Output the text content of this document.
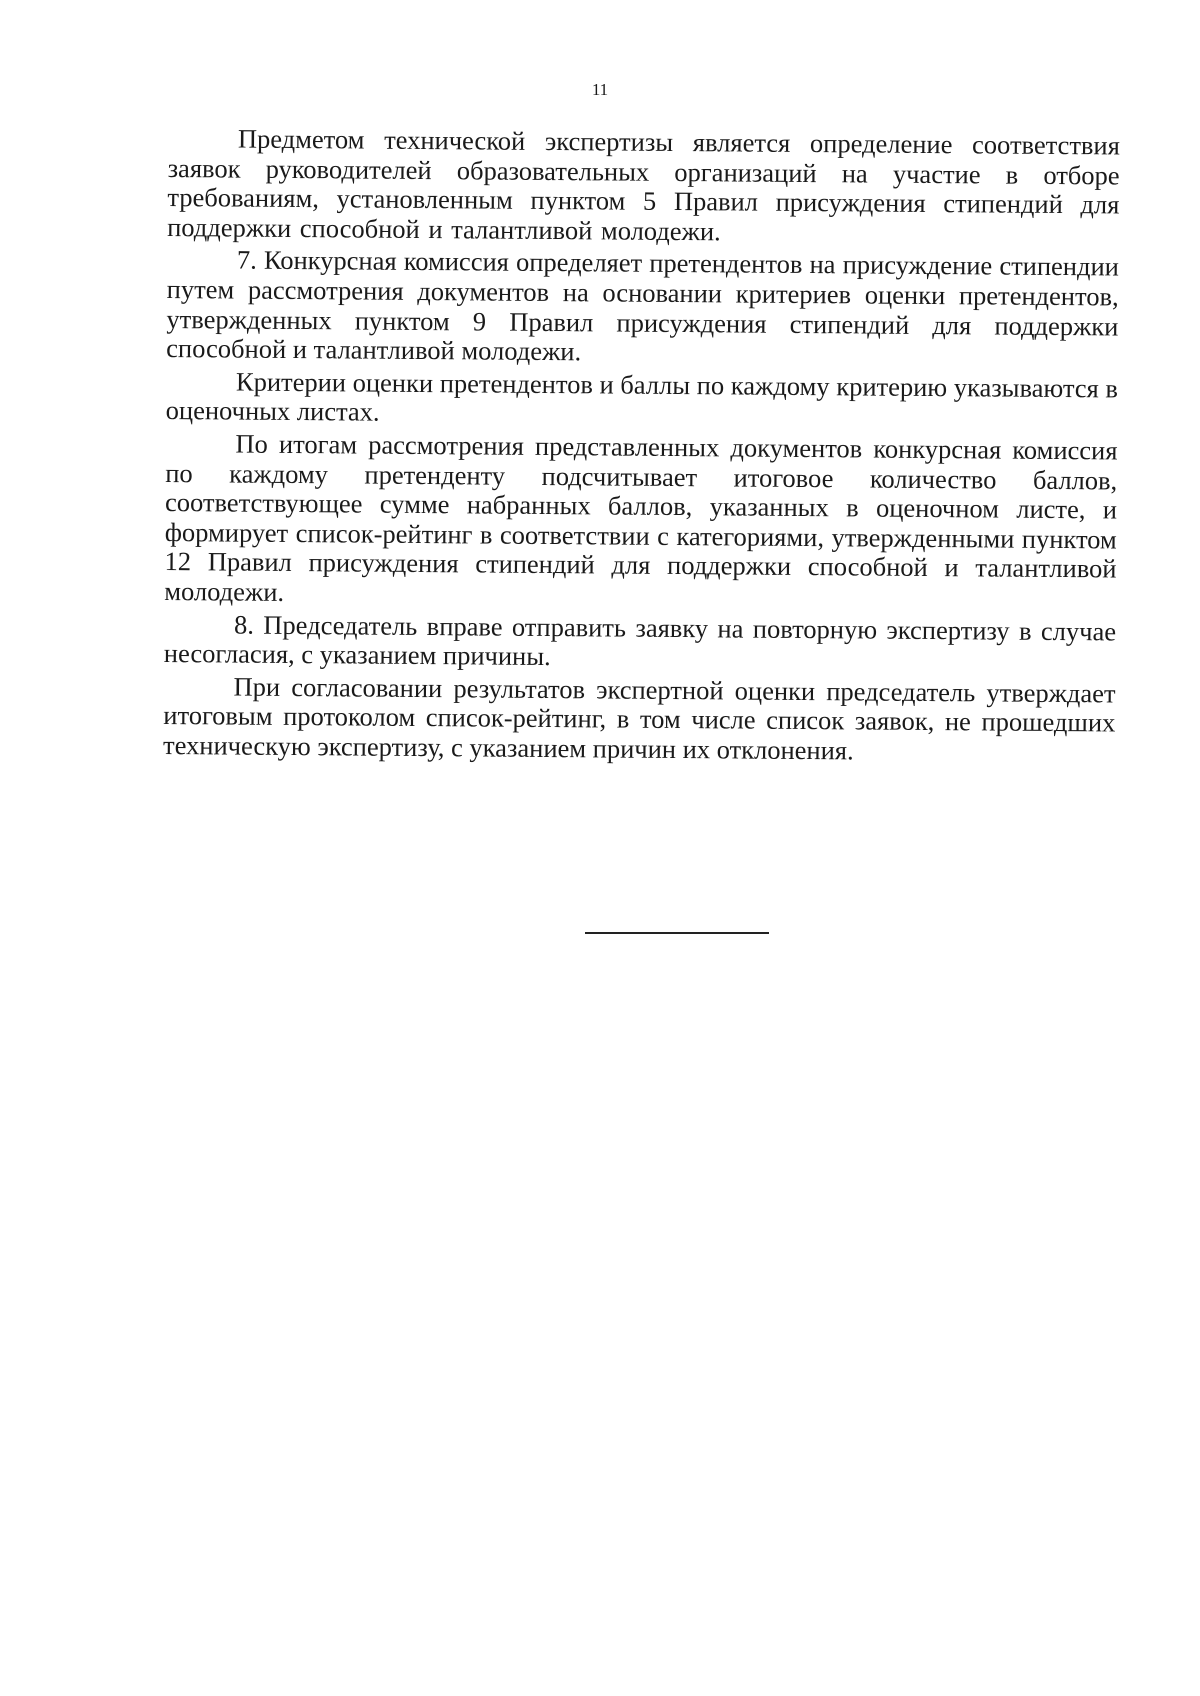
11

Предметом технической экспертизы является определение соответствия заявок руководителей образовательных организаций на участие в отборе требованиям, установленным пунктом 5 Правил присуждения стипендий для поддержки способной и талантливой молодежи.

7. Конкурсная комиссия определяет претендентов на присуждение стипендии путем рассмотрения документов на основании критериев оценки претендентов, утвержденных пунктом 9 Правил присуждения стипендий для поддержки способной и талантливой молодежи.

Критерии оценки претендентов и баллы по каждому критерию указываются в оценочных листах.

По итогам рассмотрения представленных документов конкурсная комиссия по каждому претенденту подсчитывает итоговое количество баллов, соответствующее сумме набранных баллов, указанных в оценочном листе, и формирует список-рейтинг в соответствии с категориями, утвержденными пунктом 12 Правил присуждения стипендий для поддержки способной и талантливой молодежи.

8. Председатель вправе отправить заявку на повторную экспертизу в случае несогласия, с указанием причины.

При согласовании результатов экспертной оценки председатель утверждает итоговым протоколом список-рейтинг, в том числе список заявок, не прошедших техническую экспертизу, с указанием причин их отклонения.
